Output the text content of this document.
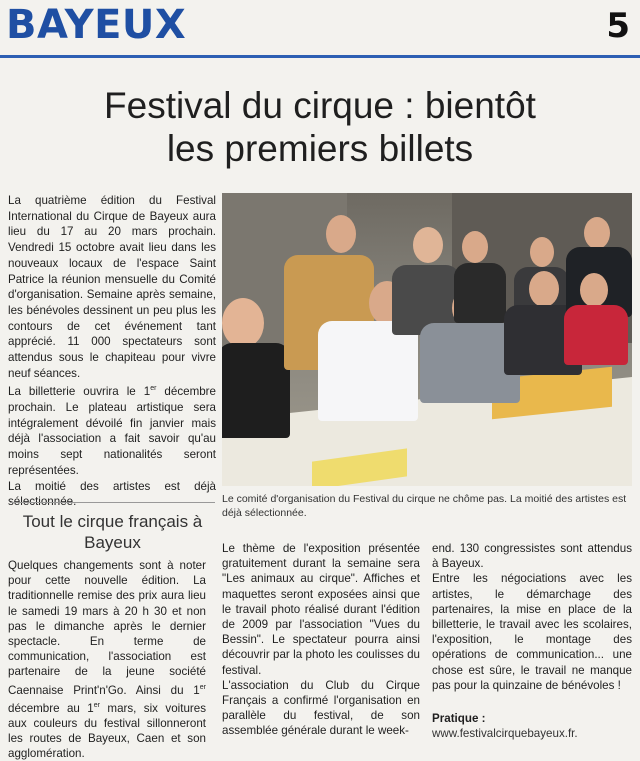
BAYEUX	5
Festival du cirque : bientôt
les premiers billets

La quatrième édition du Festival International du Cirque de Bayeux aura lieu du 17 au 20 mars prochain. Vendredi 15 octobre avait lieu dans les nouveaux locaux de l'espace Saint Patrice la réunion mensuelle du Comité d'organisation. Semaine après semaine, les bénévoles dessinent un peu plus les contours de cet événement tant apprécié. 11 000 spectateurs sont attendus sous le chapiteau pour vivre neuf séances.

La billetterie ouvrira le 1er décembre prochain. Le plateau artistique sera intégralement dévoilé fin janvier mais déjà l'association a fait savoir qu'au moins sept nationalités seront représentées.

La moitié des artistes est déjà sélectionnée.	Le comité d'organisation du Festival du cirque ne chôme pas. La moitié des artistes est déjà sélectionnée.

Tout le cirque français à Bayeux

Quelques changements sont à noter pour cette nouvelle édition. La traditionnelle remise des prix aura lieu le samedi 19 mars à 20 h 30 et non pas le dimanche après le dernier spectacle. En terme de communication, l'association est partenaire de la jeune société Caennaise Print'n'Go. Ainsi du 1er décembre au 1er mars, six voitures aux couleurs du festival sillonneront les routes de Bayeux, Caen et son agglomération.

Le thème de l'exposition présentée gratuitement durant la semaine sera "Les animaux au cirque". Affiches et maquettes seront exposées ainsi que le travail photo réalisé durant l'édition de 2009 par l'association "Vues du Bessin". Le spectateur pourra ainsi découvrir par la photo les coulisses du festival.

L'association du Club du Cirque Français a confirmé l'organisation en parallèle du festival, de son assemblée générale durant le week-

end. 130 congressistes sont attendus à Bayeux.

Entre les négociations avec les artistes, le démarchage des partenaires, la mise en place de la billetterie, le travail avec les scolaires, l'exposition, le montage des opérations de communication... une chose est sûre, le travail ne manque pas pour la quinzaine de bénévoles !

Pratique :

www.festivalcirquebayeux.fr.
